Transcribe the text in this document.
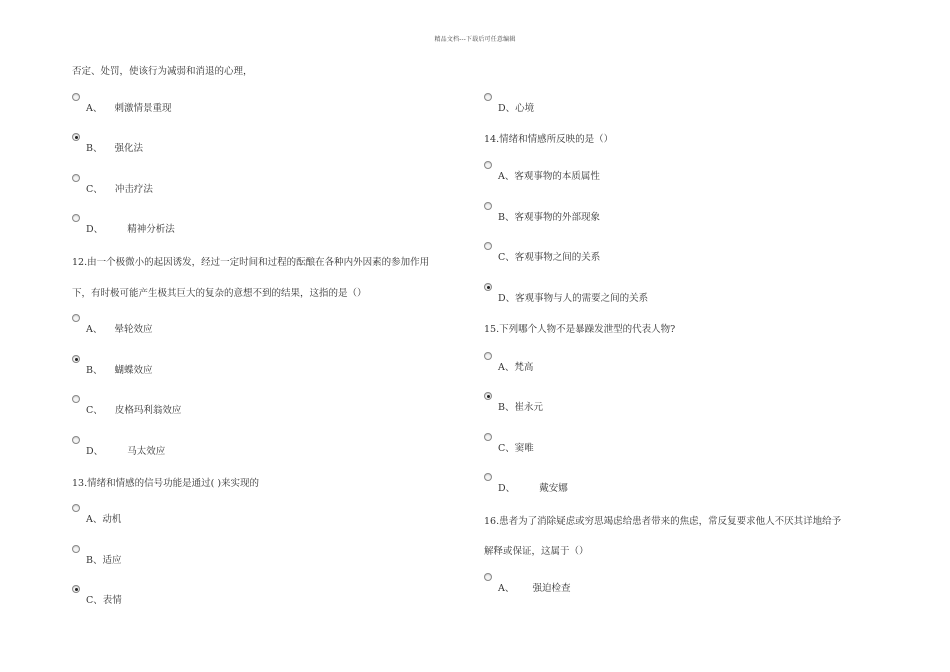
精品文档---下载后可任意编辑
否定、处罚，使该行为减弱和消退的心理，
A、    刺激情景重现
B、    强化法
C、    冲击疗法
D、        精神分析法
12.由一个极微小的起因诱发，经过一定时间和过程的酝酿在各种内外因素的参加作用
下，有时极可能产生极其巨大的复杂的意想不到的结果，这指的是（）
A、    晕轮效应
B、    蝴蝶效应
C、    皮格玛利翁效应
D、        马太效应
13.情绪和情感的信号功能是通过( )来实现的
A、动机
B、适应
C、表情
D、心境
14.情绪和情感所反映的是（）
A、客观事物的本质属性
B、客观事物的外部现象
C、客观事物之间的关系
D、客观事物与人的需要之间的关系
15.下列哪个人物不是暴躁发泄型的代表人物?
A、梵高
B、崔永元
C、窦唯
D、        戴安娜
16.患者为了消除疑虑或穷思竭虑给患者带来的焦虑，常反复要求他人不厌其详地给予
解释或保证，这属于（）
A、      强迫检查
